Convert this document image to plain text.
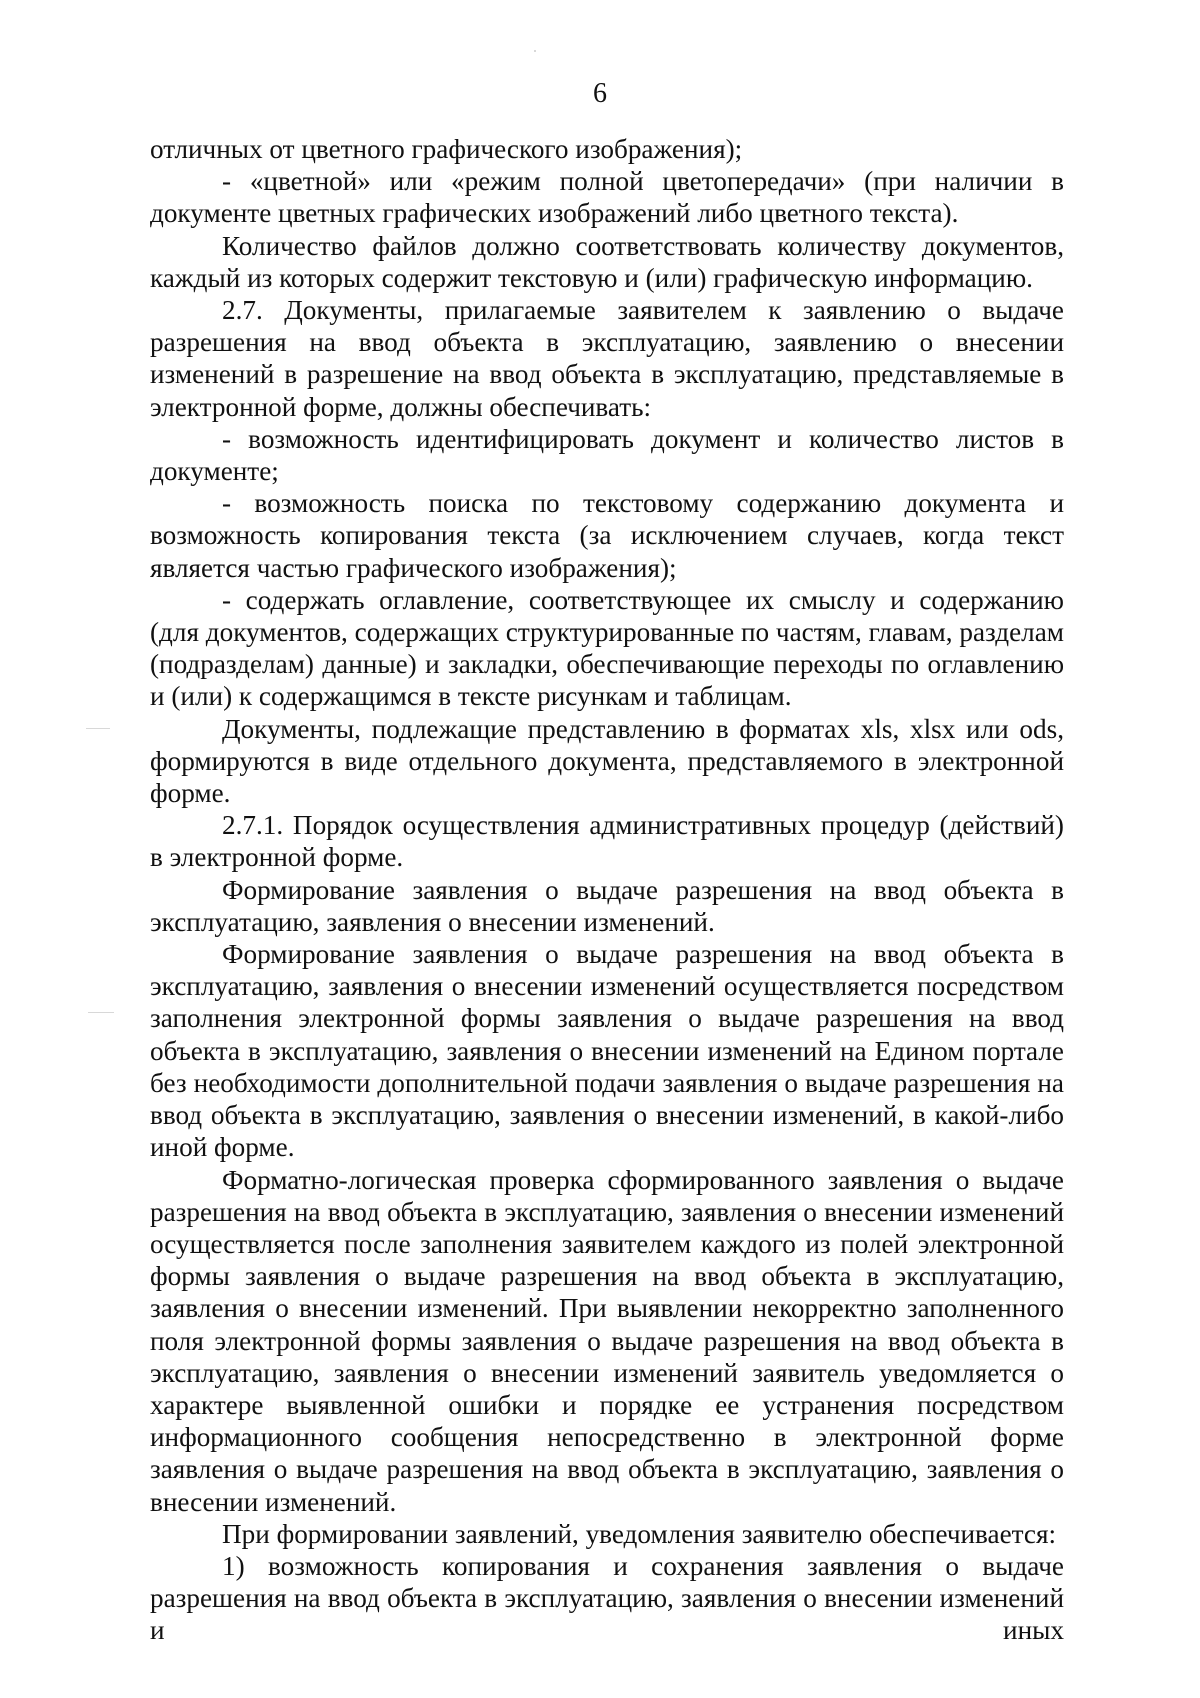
6

отличных от цветного графического изображения);

- «цветной» или «режим полной цветопередачи» (при наличии в документе цветных графических изображений либо цветного текста).

Количество файлов должно соответствовать количеству документов, каждый из которых содержит текстовую и (или) графическую информацию.

2.7. Документы, прилагаемые заявителем к заявлению о выдаче разрешения на ввод объекта в эксплуатацию, заявлению о внесении изменений в разрешение на ввод объекта в эксплуатацию, представляемые в электронной форме, должны обеспечивать:

- возможность идентифицировать документ и количество листов в документе;

- возможность поиска по текстовому содержанию документа и возможность копирования текста (за исключением случаев, когда текст является частью графического изображения);

- содержать оглавление, соответствующее их смыслу и содержанию (для документов, содержащих структурированные по частям, главам, разделам (подразделам) данные) и закладки, обеспечивающие переходы по оглавлению и (или) к содержащимся в тексте рисункам и таблицам.

Документы, подлежащие представлению в форматах xls, xlsx или ods, формируются в виде отдельного документа, представляемого в электронной форме.

2.7.1. Порядок осуществления административных процедур (действий) в электронной форме.

Формирование заявления о выдаче разрешения на ввод объекта в эксплуатацию, заявления о внесении изменений.

Формирование заявления о выдаче разрешения на ввод объекта в эксплуатацию, заявления о внесении изменений осуществляется посредством заполнения электронной формы заявления о выдаче разрешения на ввод объекта в эксплуатацию, заявления о внесении изменений на Едином портале без необходимости дополнительной подачи заявления о выдаче разрешения на ввод объекта в эксплуатацию, заявления о внесении изменений, в какой-либо иной форме.

Форматно-логическая проверка сформированного заявления о выдаче разрешения на ввод объекта в эксплуатацию, заявления о внесении изменений осуществляется после заполнения заявителем каждого из полей электронной формы заявления о выдаче разрешения на ввод объекта в эксплуатацию, заявления о внесении изменений. При выявлении некорректно заполненного поля электронной формы заявления о выдаче разрешения на ввод объекта в эксплуатацию, заявления о внесении изменений заявитель уведомляется о характере выявленной ошибки и порядке ее устранения посредством информационного сообщения непосредственно в электронной форме заявления о выдаче разрешения на ввод объекта в эксплуатацию, заявления о внесении изменений.

При формировании заявлений, уведомления заявителю обеспечивается:

1) возможность копирования и сохранения заявления о выдаче разрешения на ввод объекта в эксплуатацию, заявления о внесении изменений и иных
